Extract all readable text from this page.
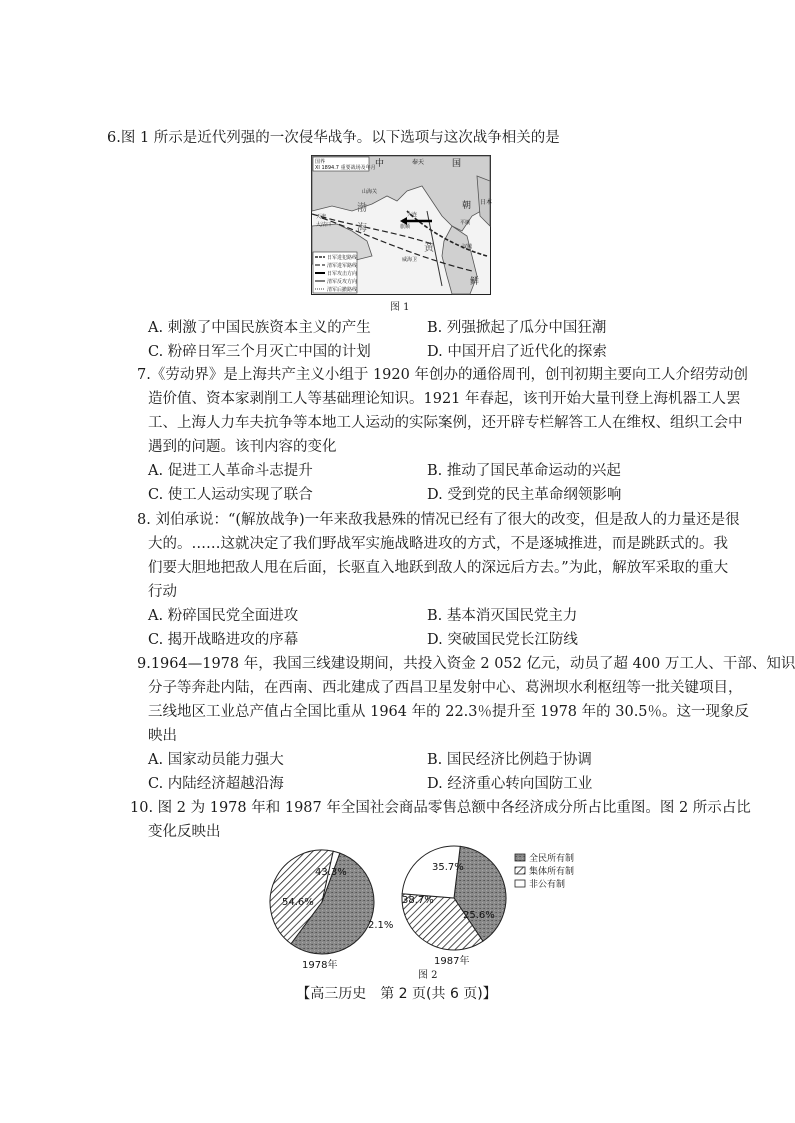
6.图 1 所示是近代列强的一次侵华战争。以下选项与这次战争相关的是
国界
XI 1894.7 重要战场及年月
日军进犯路线
清军进军路线
日军攻击方向
清军反攻方向
清军后撤路线
中	国
奉天
朝 日本
渤
海
黄
鲜
山海关
天津
大沽口	旅顺
大连
威海卫
平壤
汉城
图 1
A. 刺激了中国民族资本主义的产生	B. 列强掀起了瓜分中国狂潮
C. 粉碎日军三个月灭亡中国的计划	D. 中国开启了近代化的探索
7.《劳动界》是上海共产主义小组于 1920 年创办的通俗周刊，创刊初期主要向工人介绍劳动创
造价值、资本家剥削工人等基础理论知识。1921 年春起，该刊开始大量刊登上海机器工人罢
工、上海人力车夫抗争等本地工人运动的实际案例，还开辟专栏解答工人在维权、组织工会中
遇到的问题。该刊内容的变化
A. 促进工人革命斗志提升	B. 推动了国民革命运动的兴起
C. 使工人运动实现了联合	D. 受到党的民主革命纲领影响
8. 刘伯承说：“(解放战争)一年来敌我悬殊的情况已经有了很大的改变，但是敌人的力量还是很
大的。……这就决定了我们野战军实施战略进攻的方式，不是逐城推进，而是跳跃式的。我
们要大胆地把敌人甩在后面，长驱直入地跃到敌人的深远后方去。”为此，解放军采取的重大
行动
A. 粉碎国民党全面进攻	B. 基本消灭国民党主力
C. 揭开战略进攻的序幕	D. 突破国民党长江防线
9.1964—1978 年，我国三线建设期间，共投入资金 2 052 亿元，动员了超 400 万工人、干部、知识
分子等奔赴内陆，在西南、西北建成了西昌卫星发射中心、葛洲坝水利枢纽等一批关键项目，
三线地区工业总产值占全国比重从 1964 年的 22.3％提升至 1978 年的 30.5％。这一现象反
映出
A. 国家动员能力强大	B. 国民经济比例趋于协调
C. 内陆经济超越沿海	D. 经济重心转向国防工业
10. 图 2 为 1978 年和 1987 年全国社会商品零售总额中各经济成分所占比重图。图 2 所示占比
变化反映出
54.6%
43.3%
2.1%
1978年
38.7%
35.7%
25.6%
1987年
全民所有制
集体所有制
非公有制
图 2
【高三历史　第 2 页(共 6 页)】
